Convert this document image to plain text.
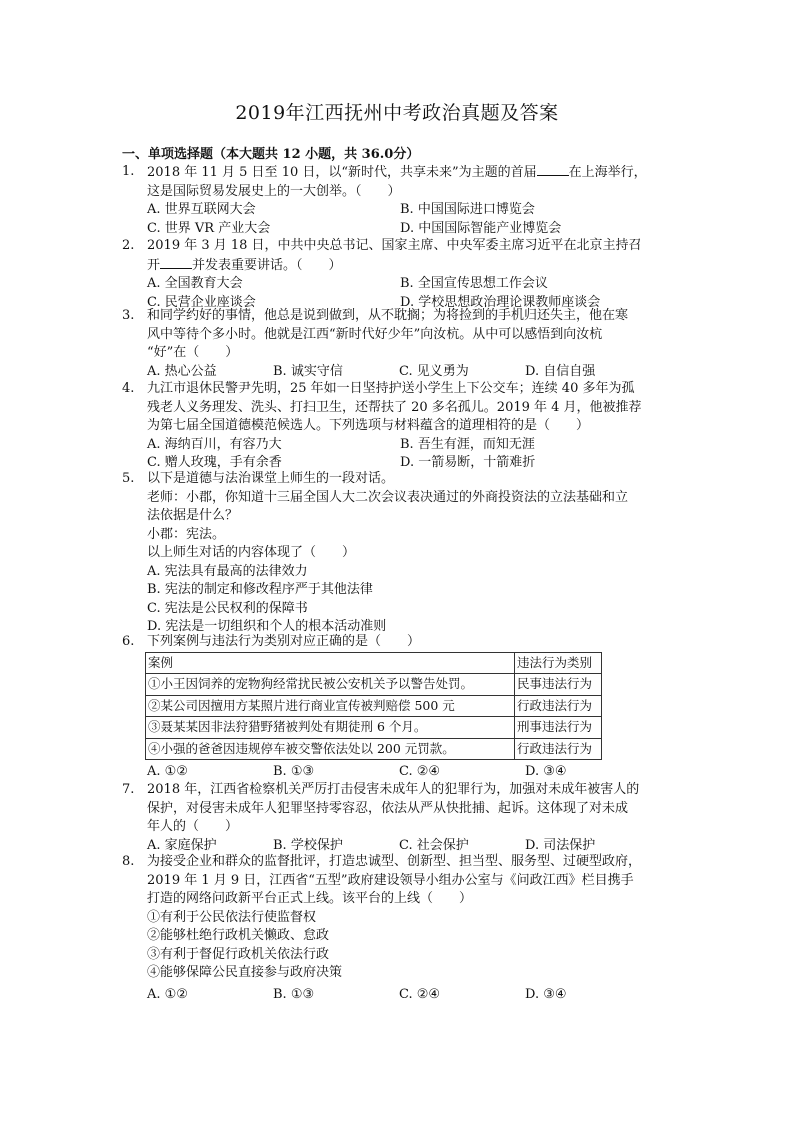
2019年江西抚州中考政治真题及答案
一、单项选择题（本大题共 12 小题，共 36.0分）
1. 2018 年 11 月 5 日至 10 日，以“新时代，共享未来”为主题的首届 在上海举行，
这是国际贸易发展史上的一大创举。（　　）
A. 世界互联网大会	B. 中国国际进口博览会
C. 世界 VR 产业大会	D. 中国国际智能产业博览会
2. 2019 年 3 月 18 日，中共中央总书记、国家主席、中央军委主席习近平在北京主持召
开 并发表重要讲话。（　　）
A. 全国教育大会	B. 全国宣传思想工作会议
C. 民营企业座谈会	D. 学校思想政治理论课教师座谈会
3. 和同学约好的事情，他总是说到做到，从不耽搁；为将捡到的手机归还失主，他在寒
风中等待个多小时。他就是江西“新时代好少年”向汝杭。从中可以感悟到向汝杭
“好”在（　　）
A. 热心公益	B. 诚实守信	C. 见义勇为	D. 自信自强
4. 九江市退休民警尹先明，25 年如一日坚持护送小学生上下公交车；连续 40 多年为孤
残老人义务理发、洗头、打扫卫生，还帮扶了 20 多名孤儿。2019 年 4 月，他被推荐
为第七届全国道德模范候选人。下列选项与材料蕴含的道理相符的是（　　）
A. 海纳百川，有容乃大	B. 吾生有涯，而知无涯
C. 赠人玫瑰，手有余香	D. 一箭易断，十箭难折
5. 以下是道德与法治课堂上师生的一段对话。
老师：小郡，你知道十三届全国人大二次会议表决通过的外商投资法的立法基础和立
法依据是什么？
小郡：宪法。
以上师生对话的内容体现了（　　）
A. 宪法具有最高的法律效力
B. 宪法的制定和修改程序严于其他法律
C. 宪法是公民权利的保障书
D. 宪法是一切组织和个人的根本活动准则
6. 下列案例与违法行为类别对应正确的是（　　）
案例	违法行为类别
①小王因饲养的宠物狗经常扰民被公安机关予以警告处罚。	民事违法行为
②某公司因擅用方某照片进行商业宣传被判赔偿 500 元	行政违法行为
③聂某某因非法狩猎野猪被判处有期徒刑 6 个月。	刑事违法行为
④小强的爸爸因违规停车被交警依法处以 200 元罚款。	行政违法行为
A. ①②	B. ①③	C. ②④	D. ③④
7. 2018 年，江西省检察机关严厉打击侵害未成年人的犯罪行为，加强对未成年被害人的
保护，对侵害未成年人犯罪坚持零容忍，依法从严从快批捕、起诉。这体现了对未成
年人的（　　）
A. 家庭保护	B. 学校保护	C. 社会保护	D. 司法保护
8. 为接受企业和群众的监督批评，打造忠诚型、创新型、担当型、服务型、过硬型政府，
2019 年 1 月 9 日，江西省“五型”政府建设领导小组办公室与《问政江西》栏目携手
打造的网络问政新平台正式上线。该平台的上线（　　）
①有利于公民依法行使监督权
②能够杜绝行政机关懒政、怠政
③有利于督促行政机关依法行政
④能够保障公民直接参与政府决策
A. ①②	B. ①③	C. ②④	D. ③④
